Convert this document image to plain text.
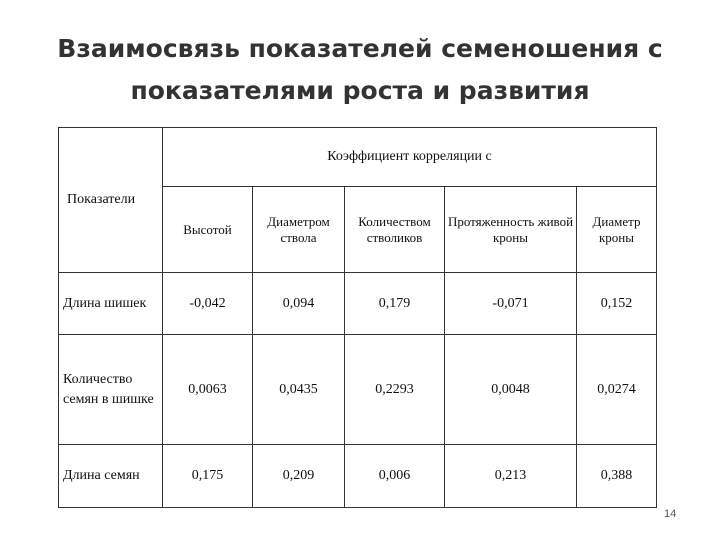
Взаимосвязь показателей семеношения с
показателями роста и развития
Показатели	Коэффициент корреляции с				
	Высотой	Диаметром ствола	Количеством стволиков	Протяженность живой кроны	Диаметр кроны
Длина шишек	-0,042	0,094	0,179	-0,071	0,152
Количество семян в шишке	0,0063	0,0435	0,2293	0,0048	0,0274
Длина семян	0,175	0,209	0,006	0,213	0,388
14
